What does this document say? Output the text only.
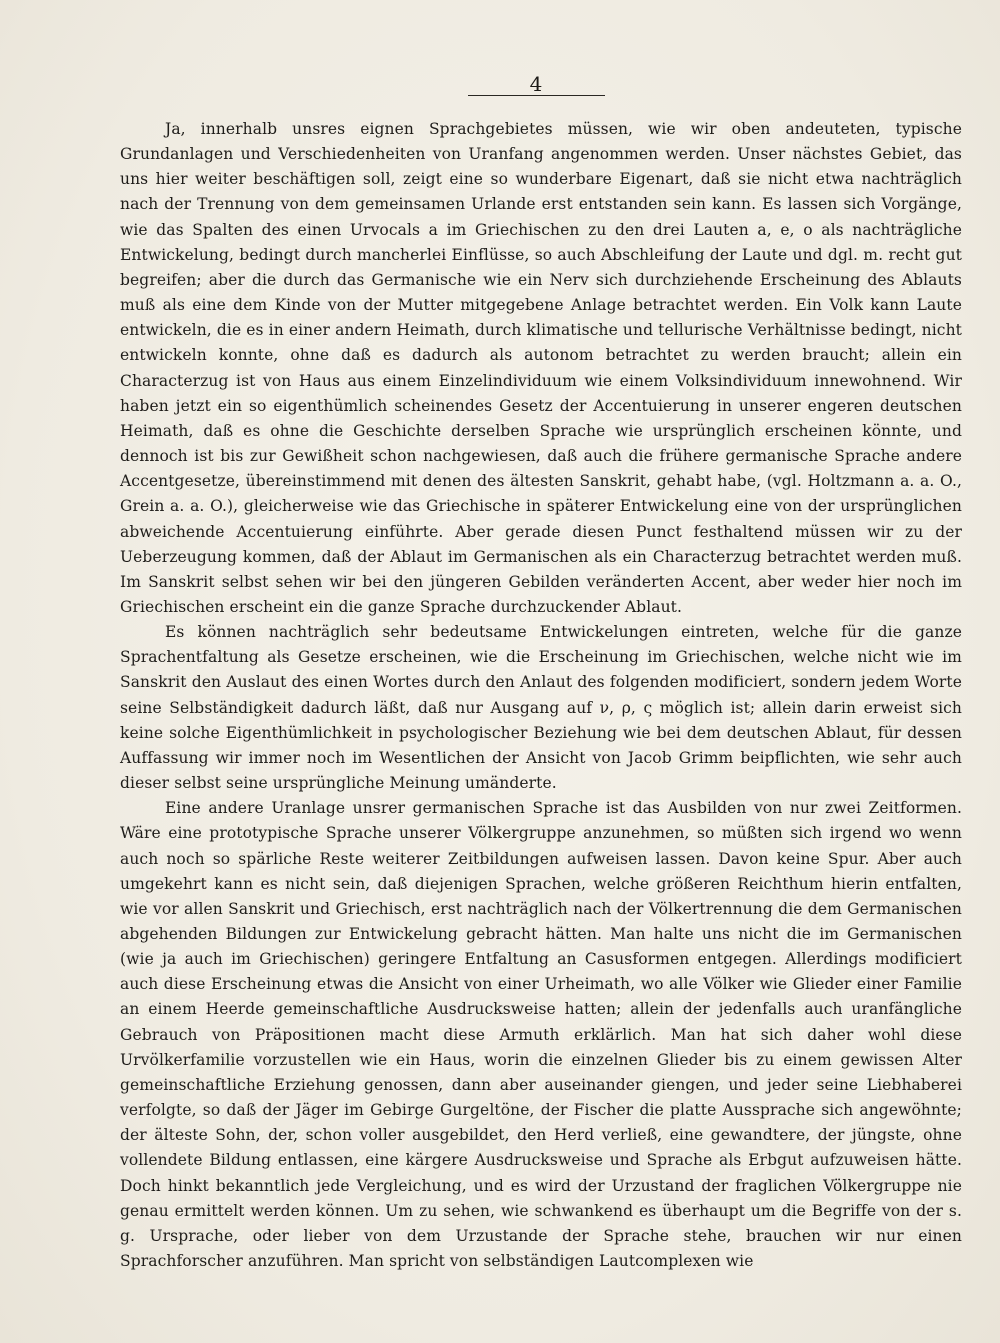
4

Ja, innerhalb unsres eignen Sprachgebietes müssen, wie wir oben andeuteten, typische Grundanlagen und Verschiedenheiten von Uranfang angenommen werden. Unser nächstes Gebiet, das uns hier weiter beschäftigen soll, zeigt eine so wunderbare Eigenart, daß sie nicht etwa nachträglich nach der Trennung von dem gemeinsamen Urlande erst entstanden sein kann. Es lassen sich Vorgänge, wie das Spalten des einen Urvocals a im Griechischen zu den drei Lauten a, e, o als nachträgliche Entwickelung, bedingt durch mancherlei Einflüsse, so auch Abschleifung der Laute und dgl. m. recht gut begreifen; aber die durch das Germanische wie ein Nerv sich durchziehende Erscheinung des Ablauts muß als eine dem Kinde von der Mutter mitgegebene Anlage betrachtet werden. Ein Volk kann Laute entwickeln, die es in einer andern Heimath, durch klimatische und tellurische Verhältnisse bedingt, nicht entwickeln konnte, ohne daß es dadurch als autonom betrachtet zu werden braucht; allein ein Characterzug ist von Haus aus einem Einzelindividuum wie einem Volksindividuum innewohnend. Wir haben jetzt ein so eigenthümlich scheinendes Gesetz der Accentuierung in unserer engeren deutschen Heimath, daß es ohne die Geschichte derselben Sprache wie ursprünglich erscheinen könnte, und dennoch ist bis zur Gewißheit schon nachgewiesen, daß auch die frühere germanische Sprache andere Accentgesetze, übereinstimmend mit denen des ältesten Sanskrit, gehabt habe, (vgl. Holtzmann a. a. O., Grein a. a. O.), gleicherweise wie das Griechische in späterer Entwickelung eine von der ursprünglichen abweichende Accentuierung einführte. Aber gerade diesen Punct festhaltend müssen wir zu der Ueberzeugung kommen, daß der Ablaut im Germanischen als ein Characterzug betrachtet werden muß. Im Sanskrit selbst sehen wir bei den jüngeren Gebilden veränderten Accent, aber weder hier noch im Griechischen erscheint ein die ganze Sprache durchzuckender Ablaut.

Es können nachträglich sehr bedeutsame Entwickelungen eintreten, welche für die ganze Sprachentfaltung als Gesetze erscheinen, wie die Erscheinung im Griechischen, welche nicht wie im Sanskrit den Auslaut des einen Wortes durch den Anlaut des folgenden modificiert, sondern jedem Worte seine Selbständigkeit dadurch läßt, daß nur Ausgang auf ν, ρ, ς möglich ist; allein darin erweist sich keine solche Eigenthümlichkeit in psychologischer Beziehung wie bei dem deutschen Ablaut, für dessen Auffassung wir immer noch im Wesentlichen der Ansicht von Jacob Grimm beipflichten, wie sehr auch dieser selbst seine ursprüngliche Meinung umänderte.

Eine andere Uranlage unsrer germanischen Sprache ist das Ausbilden von nur zwei Zeitformen. Wäre eine prototypische Sprache unserer Völkergruppe anzunehmen, so müßten sich irgend wo wenn auch noch so spärliche Reste weiterer Zeitbildungen aufweisen lassen. Davon keine Spur. Aber auch umgekehrt kann es nicht sein, daß diejenigen Sprachen, welche größeren Reichthum hierin entfalten, wie vor allen Sanskrit und Griechisch, erst nachträglich nach der Völkertrennung die dem Germanischen abgehenden Bildungen zur Entwickelung gebracht hätten. Man halte uns nicht die im Germanischen (wie ja auch im Griechischen) geringere Entfaltung an Casusformen entgegen. Allerdings modificiert auch diese Erscheinung etwas die Ansicht von einer Urheimath, wo alle Völker wie Glieder einer Familie an einem Heerde gemeinschaftliche Ausdrucksweise hatten; allein der jedenfalls auch uranfängliche Gebrauch von Präpositionen macht diese Armuth erklärlich. Man hat sich daher wohl diese Urvölkerfamilie vorzustellen wie ein Haus, worin die einzelnen Glieder bis zu einem gewissen Alter gemeinschaftliche Erziehung genossen, dann aber auseinander giengen, und jeder seine Liebhaberei verfolgte, so daß der Jäger im Gebirge Gurgeltöne, der Fischer die platte Aussprache sich angewöhnte; der älteste Sohn, der, schon voller ausgebildet, den Herd verließ, eine gewandtere, der jüngste, ohne vollendete Bildung entlassen, eine kärgere Ausdrucksweise und Sprache als Erbgut aufzuweisen hätte. Doch hinkt bekanntlich jede Vergleichung, und es wird der Urzustand der fraglichen Völkergruppe nie genau ermittelt werden können. Um zu sehen, wie schwankend es überhaupt um die Begriffe von der s. g. Ursprache, oder lieber von dem Urzustande der Sprache stehe, brauchen wir nur einen Sprachforscher anzuführen. Man spricht von selbständigen Lautcomplexen wie
